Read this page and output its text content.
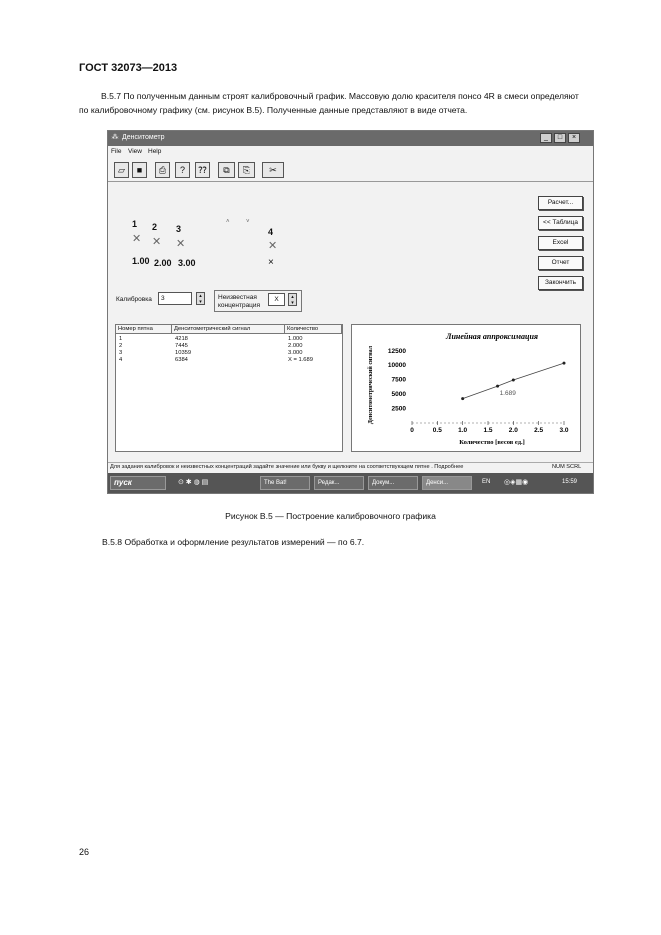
ГОСТ 32073—2013
В.5.7 По полученным данным строят калибровочный график. Массовую долю красителя понсо 4R в смеси определяют по калибровочному графику (см. рисунок В.5). Полученные данные представляют в виде отчета.
⁂ Денситометр	_	□	×
File View Help
▱	■	⎙	?	⁇	⧉	⎘	✂
1 2 3	4
✕ ✕ ✕	✕
×
˄	˅
1.00 2.00 3.00
Расчет...
<< Таблица
Excel
Отчет
Закончить
Калибровка	3	▴
▾
Неизвестная
концентрация
X	▴
▾
Номер пятна	Денситометрический сигнал	Количество
1	4218	1.000
2	7445	2.000
3	10359	3.000
4	6384	X = 1.689
Линейная аппроксимация
Денситометрический сигнал
Количество [весов ед.]
0	0.5	1.0	1.5	2.0	2.5	3.0
2500
5000
7500
10000
12500
1.689
Для задания калибровок и неизвестных концентраций задайте значение или букву и щелкните на соответствующем пятне . Подробнее	NUM SCRL
пуск	⊙ ✱ ◍ ▤	The Bat!	Редак...	Докум...	Денси...	EN ◎◈▦◉	15:59
Рисунок В.5 — Построение калибровочного графика
В.5.8 Обработка и оформление результатов измерений — по 6.7.
26
